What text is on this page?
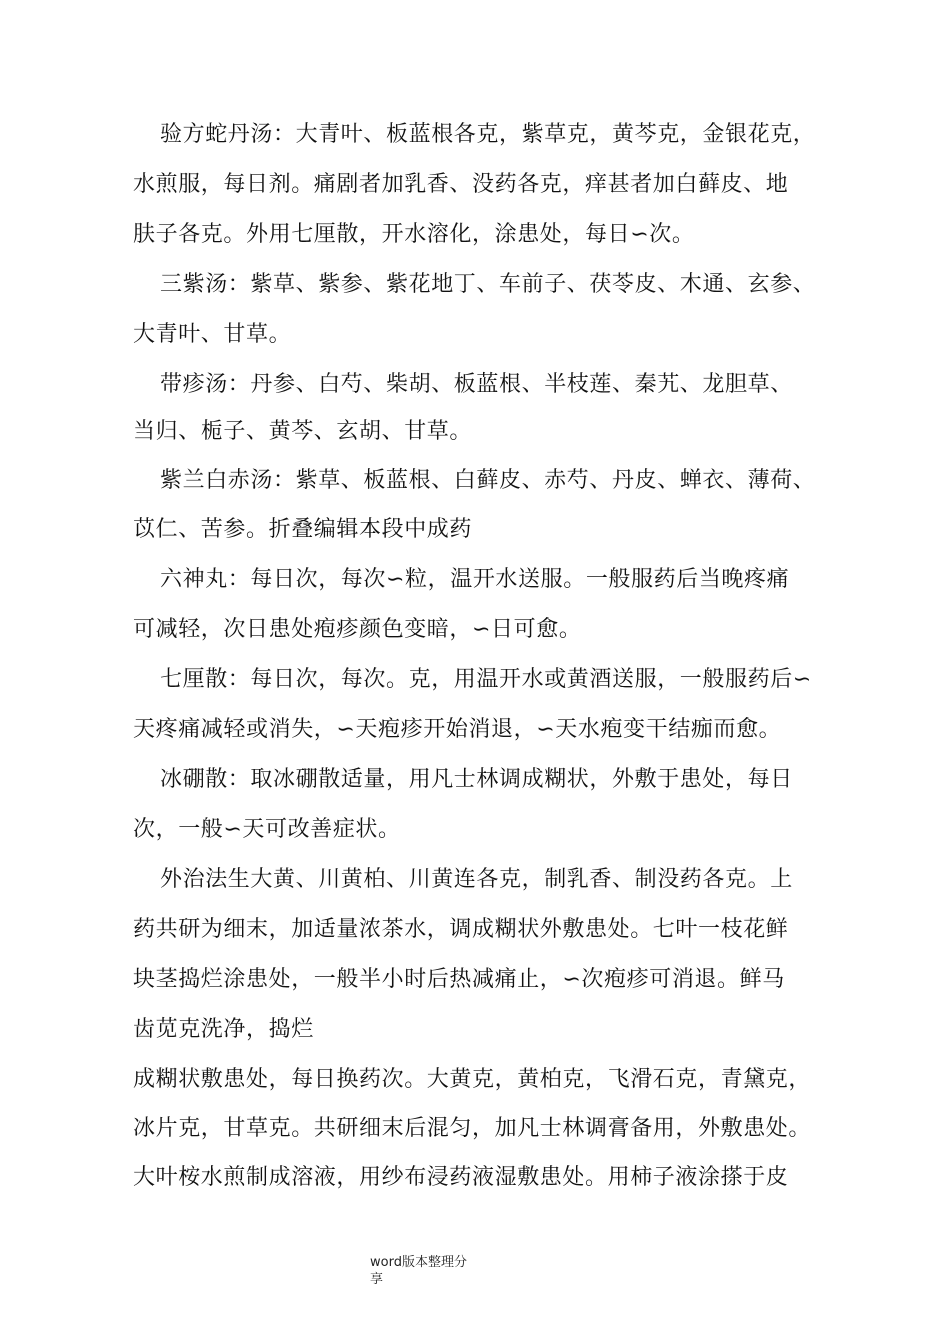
验方蛇丹汤：大青叶、板蓝根各克，紫草克，黄芩克，金银花克，
水煎服，每日剂。痛剧者加乳香、没药各克，痒甚者加白藓皮、地
肤子各克。外用七厘散，开水溶化，涂患处，每日∽次。
三紫汤：紫草、紫参、紫花地丁、车前子、茯苓皮、木通、玄参、
大青叶、甘草。
带疹汤：丹参、白芍、柴胡、板蓝根、半枝莲、秦艽、龙胆草、
当归、栀子、黄芩、玄胡、甘草。
紫兰白赤汤：紫草、板蓝根、白藓皮、赤芍、丹皮、蝉衣、薄荷、
苡仁、苦参。折叠编辑本段中成药
六神丸：每日次，每次∽粒，温开水送服。一般服药后当晚疼痛
可减轻，次日患处疱疹颜色变暗，∽日可愈。
七厘散：每日次，每次。克，用温开水或黄酒送服，一般服药后∽
天疼痛减轻或消失，∽天疱疹开始消退，∽天水疱变干结痂而愈。
冰硼散：取冰硼散适量，用凡士林调成糊状，外敷于患处，每日
次，一般∽天可改善症状。
外治法生大黄、川黄柏、川黄连各克，制乳香、制没药各克。上
药共研为细末，加适量浓茶水，调成糊状外敷患处。七叶一枝花鲜
块茎捣烂涂患处，一般半小时后热减痛止，∽次疱疹可消退。鲜马
齿苋克洗净，捣烂
成糊状敷患处，每日换药次。大黄克，黄柏克，飞滑石克，青黛克，
冰片克，甘草克。共研细末后混匀，加凡士林调膏备用，外敷患处。
大叶桉水煎制成溶液，用纱布浸药液湿敷患处。用柿子液涂搽于皮
word版本整理分
享
